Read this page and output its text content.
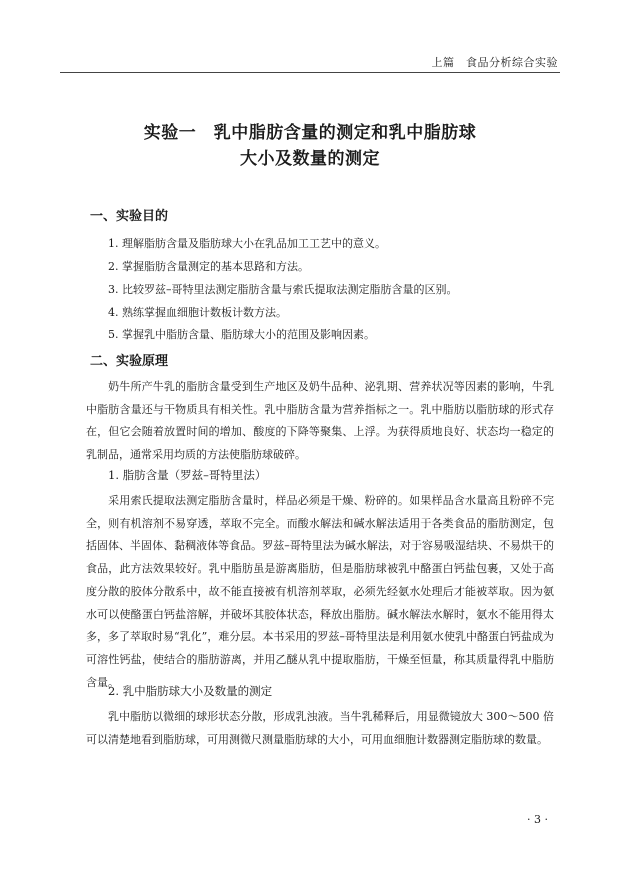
上篇　食品分析综合实验
实验一　乳中脂肪含量的测定和乳中脂肪球
大小及数量的测定
一、实验目的
1. 理解脂肪含量及脂肪球大小在乳品加工工艺中的意义。
2. 掌握脂肪含量测定的基本思路和方法。
3. 比较罗兹–哥特里法测定脂肪含量与索氏提取法测定脂肪含量的区别。
4. 熟练掌握血细胞计数板计数方法。
5. 掌握乳中脂肪含量、脂肪球大小的范围及影响因素。
二、实验原理

奶牛所产牛乳的脂肪含量受到生产地区及奶牛品种、泌乳期、营养状况等因素的影响，牛乳中脂肪含量还与干物质具有相关性。乳中脂肪含量为营养指标之一。乳中脂肪以脂肪球的形式存在，但它会随着放置时间的增加、酸度的下降等聚集、上浮。为获得质地良好、状态均一稳定的乳制品，通常采用均质的方法使脂肪球破碎。

1. 脂肪含量（罗兹–哥特里法）

采用索氏提取法测定脂肪含量时，样品必须是干燥、粉碎的。如果样品含水量高且粉碎不完全，则有机溶剂不易穿透，萃取不完全。而酸水解法和碱水解法适用于各类食品的脂肪测定，包括固体、半固体、黏稠液体等食品。罗兹–哥特里法为碱水解法，对于容易吸湿结块、不易烘干的食品，此方法效果较好。乳中脂肪虽是游离脂肪，但是脂肪球被乳中酪蛋白钙盐包裹，又处于高度分散的胶体分散系中，故不能直接被有机溶剂萃取，必须先经氨水处理后才能被萃取。因为氨水可以使酪蛋白钙盐溶解，并破坏其胶体状态，释放出脂肪。碱水解法水解时，氨水不能用得太多，多了萃取时易“乳化”，难分层。本书采用的罗兹–哥特里法是利用氨水使乳中酪蛋白钙盐成为可溶性钙盐，使结合的脂肪游离，并用乙醚从乳中提取脂肪，干燥至恒量，称其质量得乳中脂肪含量。

2. 乳中脂肪球大小及数量的测定

乳中脂肪以微细的球形状态分散，形成乳浊液。当牛乳稀释后，用显微镜放大 300～500 倍可以清楚地看到脂肪球，可用测微尺测量脂肪球的大小，可用血细胞计数器测定脂肪球的数量。

· 3 ·
